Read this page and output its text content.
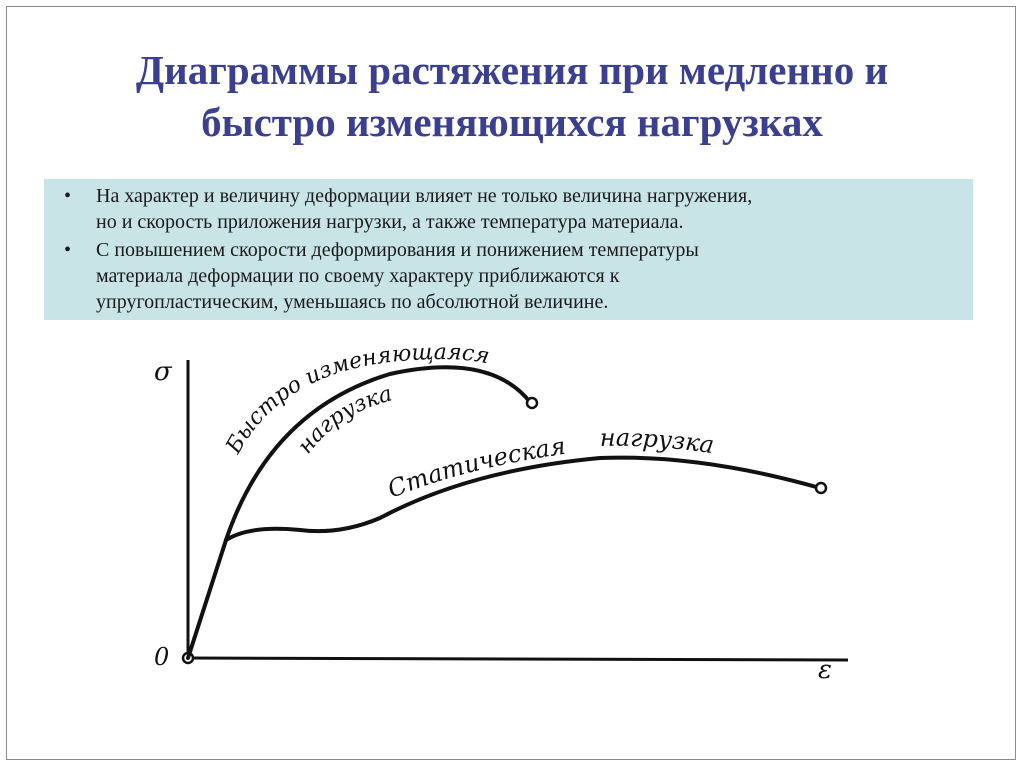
Диаграммы растяжения при медленно и
быстро изменяющихся нагрузках
•	На характер и величину деформации влияет не только величина нагружения,
но и скорость приложения нагрузки, а также температура материала.
•	С повышением скорости деформирования и понижением температуры
материала деформации по своему характеру приближаются к
упругопластическим, уменьшаясь по абсолютной величине.
σ
ε
0
Быстро изменяющаяся
нагрузка
Статическая нагрузка
